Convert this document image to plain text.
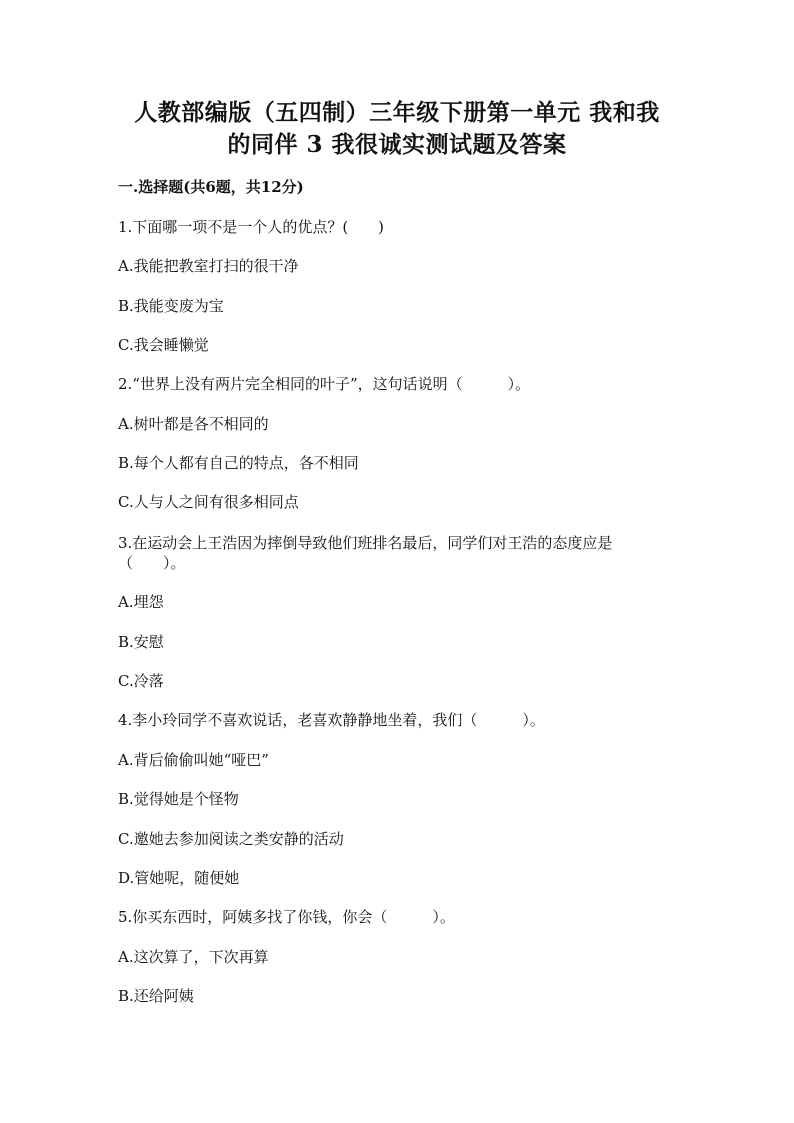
人教部编版（五四制）三年级下册第一单元 我和我
的同伴 3 我很诚实测试题及答案
一.选择题(共6题，共12分)
1.下面哪一项不是一个人的优点？(　　)
A.我能把教室打扫的很干净
B.我能变废为宝
C.我会睡懒觉
2.“世界上没有两片完全相同的叶子”，这句话说明（　　　）。
A.树叶都是各不相同的
B.每个人都有自己的特点，各不相同
C.人与人之间有很多相同点
3.在运动会上王浩因为摔倒导致他们班排名最后，同学们对王浩的态度应是
（　　）。
A.埋怨
B.安慰
C.冷落
4.李小玲同学不喜欢说话，老喜欢静静地坐着，我们（　　　）。
A.背后偷偷叫她“哑巴”
B.觉得她是个怪物
C.邀她去参加阅读之类安静的活动
D.管她呢，随便她
5.你买东西时，阿姨多找了你钱，你会（　　　）。
A.这次算了，下次再算
B.还给阿姨
